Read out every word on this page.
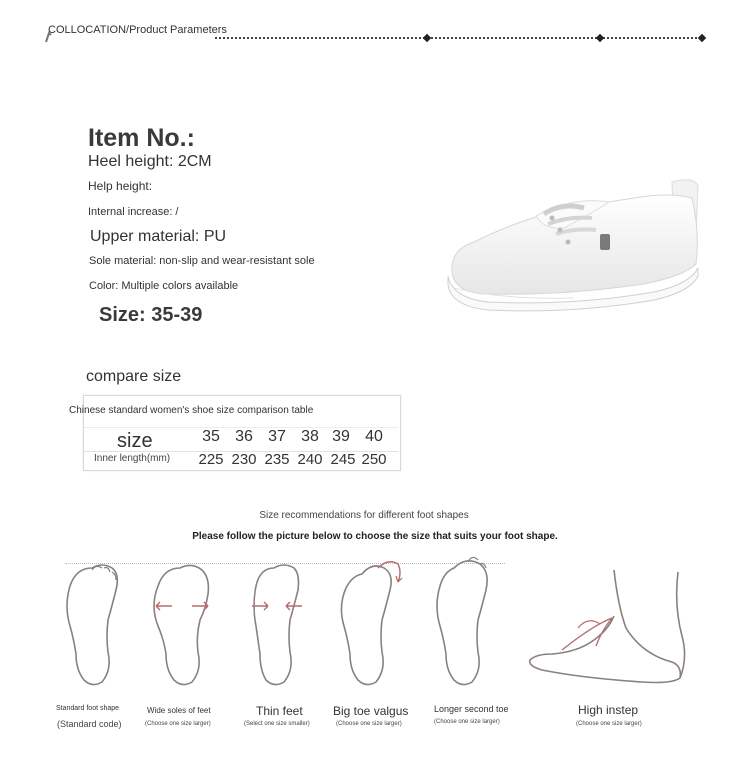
COLLOCATION/Product Parameters
Item No.:
Heel height: 2CM
Help height:
Internal increase: /
Upper material: PU
Sole material: non-slip and wear-resistant sole
Color: Multiple colors available
Size: 35-39
compare size
Chinese standard women's shoe size comparison table
size
Inner length(mm)
35 36 37 38 39 40
225 230 235 240 245 250
Size recommendations for different foot shapes
Please follow the picture below to choose the size that suits your foot shape.
Standard foot shape
(Standard code)
Wide soles of feet
(Choose one size larger)
Thin feet
(Select one size smaller)
Big toe valgus
(Choose one size larger)
Longer second toe
(Choose one size larger)
High instep
(Choose one size larger)
